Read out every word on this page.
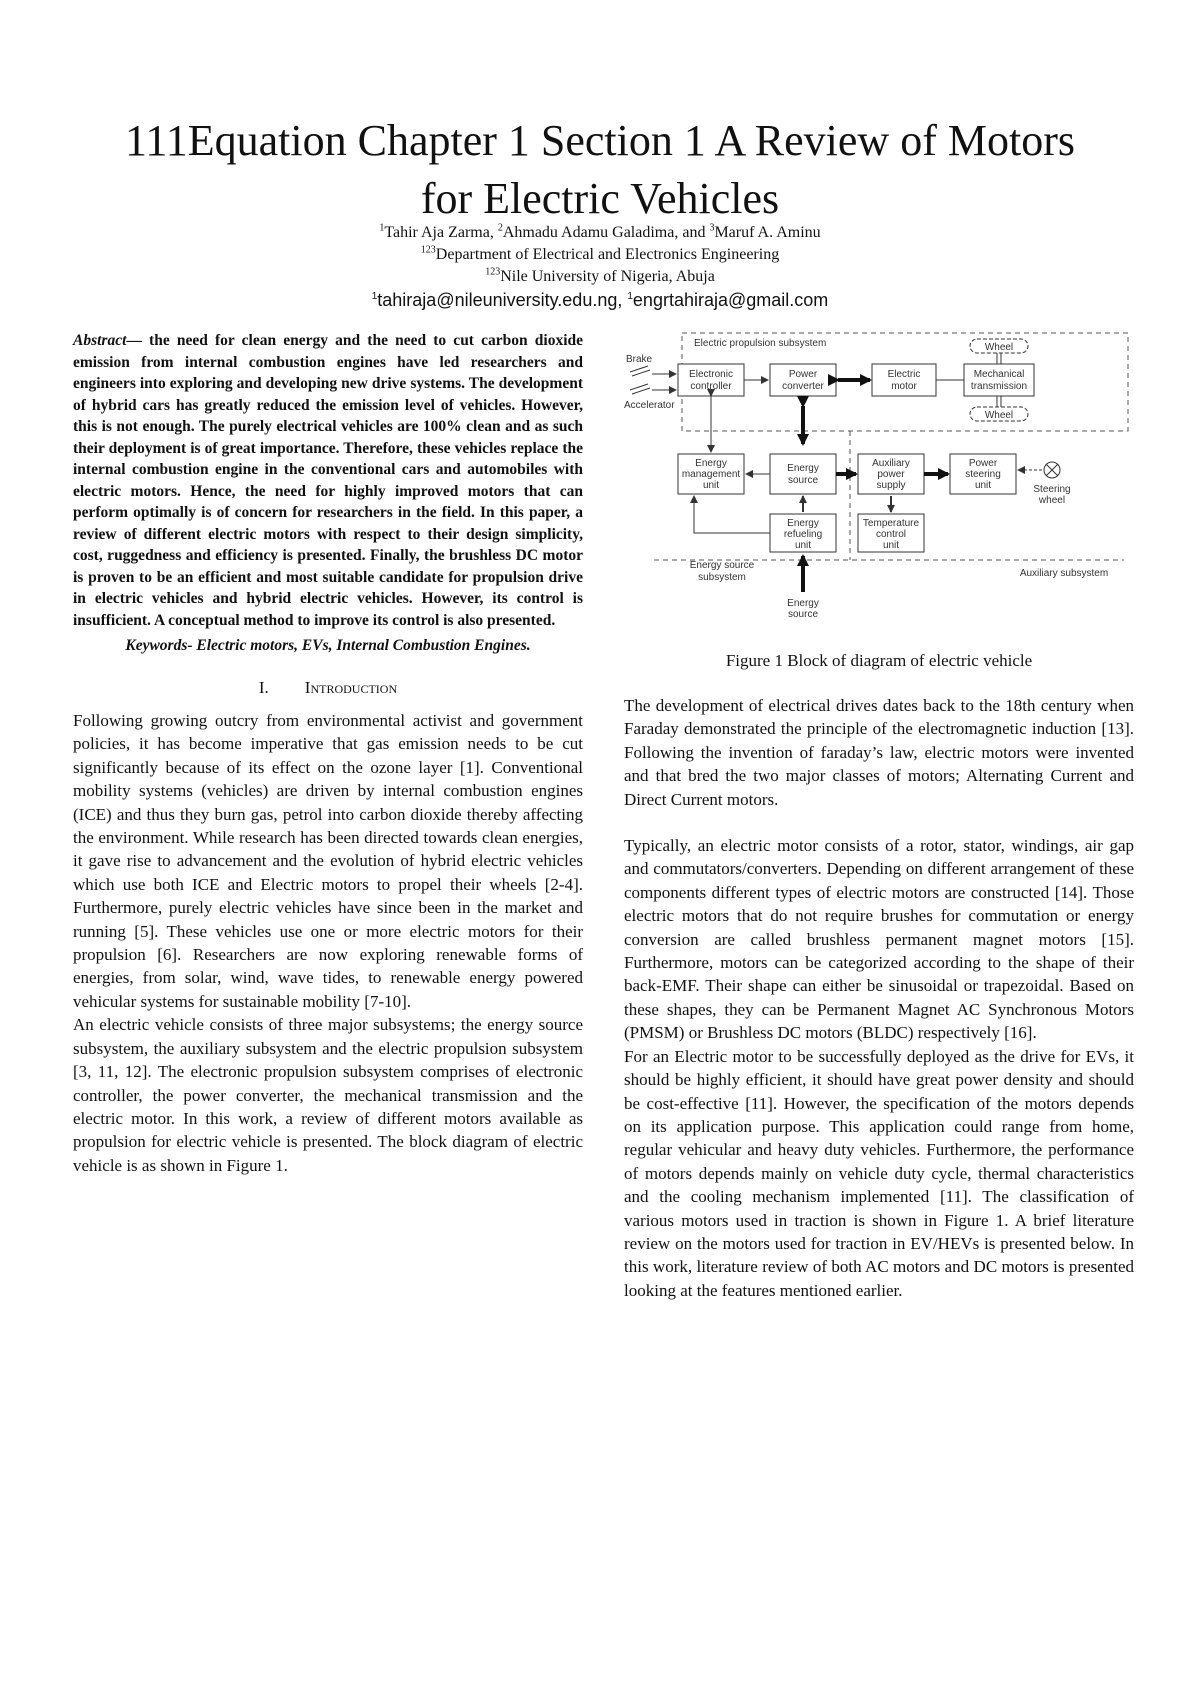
111Equation Chapter 1 Section 1 A Review of Motors
for Electric Vehicles
$^1$Tahir Aja Zarma, $^2$Ahmadu Adamu Galadima, and $^3$Maruf A. Aminu
$^{123}$Department of Electrical and Electronics Engineering
$^{123}$Nile University of Nigeria, Abuja
$^1$tahiraja@nileuniversity.edu.ng, $^1$engrtahiraja@gmail.com

Abstract— the need for clean energy and the need to cut carbon dioxide emission from internal combustion engines have led researchers and engineers into exploring and developing new drive systems. The development of hybrid cars has greatly reduced the emission level of vehicles. However, this is not enough. The purely electrical vehicles are 100% clean and as such their deployment is of great importance. Therefore, these vehicles replace the internal combustion engine in the conventional cars and automobiles with electric motors. Hence, the need for highly improved motors that can perform optimally is of concern for researchers in the field. In this paper, a review of different electric motors with respect to their design simplicity, cost, ruggedness and efficiency is presented. Finally, the brushless DC motor is proven to be an efficient and most suitable candidate for propulsion drive in electric vehicles and hybrid electric vehicles. However, its control is insufficient. A conceptual method to improve its control is also presented.

Keywords- Electric motors, EVs, Internal Combustion Engines.

I. Introduction

Following growing outcry from environmental activist and government policies, it has become imperative that gas emission needs to be cut significantly because of its effect on the ozone layer [1]. Conventional mobility systems (vehicles) are driven by internal combustion engines (ICE) and thus they burn gas, petrol into carbon dioxide thereby affecting the environment. While research has been directed towards clean energies, it gave rise to advancement and the evolution of hybrid electric vehicles which use both ICE and Electric motors to propel their wheels [2-4]. Furthermore, purely electric vehicles have since been in the market and running [5]. These vehicles use one or more electric motors for their propulsion [6]. Researchers are now exploring renewable forms of energies, from solar, wind, wave tides, to renewable energy powered vehicular systems for sustainable mobility [7-10].

An electric vehicle consists of three major subsystems; the energy source subsystem, the auxiliary subsystem and the electric propulsion subsystem [3, 11, 12]. The electronic propulsion subsystem comprises of electronic controller, the power converter, the mechanical transmission and the electric motor. In this work, a review of different motors available as propulsion for electric vehicle is presented. The block diagram of electric vehicle is as shown in Figure 1.

Electric propulsion subsystem
Brake
Accelerator
Electronic
controller
Power
converter
Electric
motor
Mechanical
transmission
Wheel
Wheel
Energy
management
unit
Energy
source
Auxiliary
power
supply
Power
steering
unit	Steering
wheel
Energy
refueling
unit
Temperature
control
unit
Energy source
subsystem	Auxiliary subsystem
Energy
source

Figure 1 Block of diagram of electric vehicle

The development of electrical drives dates back to the 18th century when Faraday demonstrated the principle of the electromagnetic induction [13]. Following the invention of faraday’s law, electric motors were invented and that bred the two major classes of motors; Alternating Current and Direct Current motors.

Typically, an electric motor consists of a rotor, stator, windings, air gap and commutators/converters. Depending on different arrangement of these components different types of electric motors are constructed [14]. Those electric motors that do not require brushes for commutation or energy conversion are called brushless permanent magnet motors [15]. Furthermore, motors can be categorized according to the shape of their back-EMF. Their shape can either be sinusoidal or trapezoidal. Based on these shapes, they can be Permanent Magnet AC Synchronous Motors (PMSM) or Brushless DC motors (BLDC) respectively [16].

For an Electric motor to be successfully deployed as the drive for EVs, it should be highly efficient, it should have great power density and should be cost-effective [11]. However, the specification of the motors depends on its application purpose. This application could range from home, regular vehicular and heavy duty vehicles. Furthermore, the performance of motors depends mainly on vehicle duty cycle, thermal characteristics and the cooling mechanism implemented [11]. The classification of various motors used in traction is shown in Figure 1. A brief literature review on the motors used for traction in EV/HEVs is presented below. In this work, literature review of both AC motors and DC motors is presented looking at the features mentioned earlier.
